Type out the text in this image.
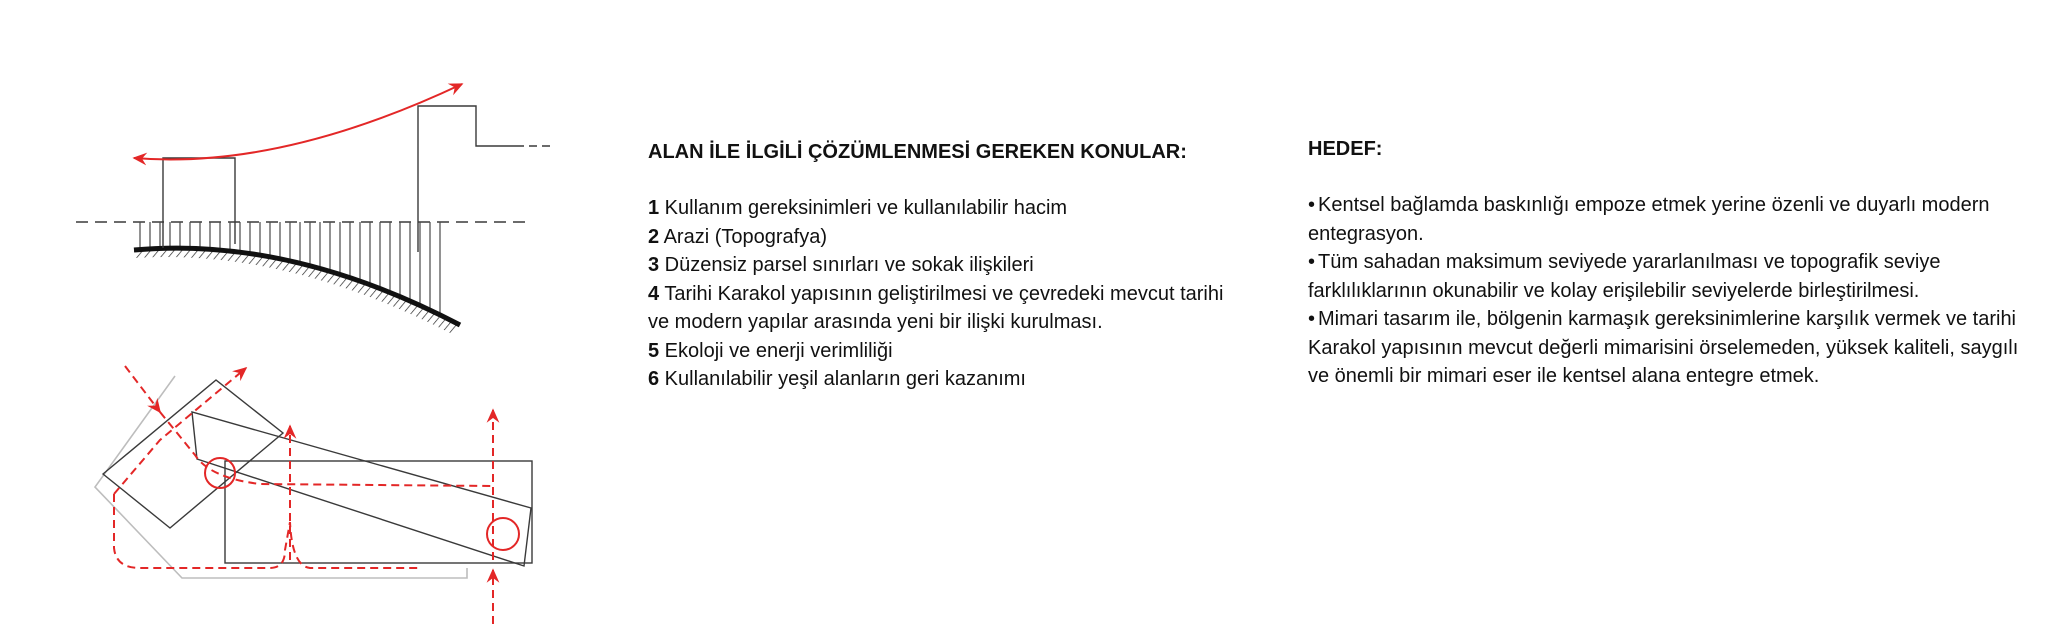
ALAN İLE İLGİLİ ÇÖZÜMLENMESİ GEREKEN KONULAR:
1 Kullanım gereksinimleri ve kullanılabilir hacim
2 Arazi (Topografya)
3 Düzensiz parsel sınırları ve sokak ilişkileri
4 Tarihi Karakol yapısının geliştirilmesi ve çevredeki mevcut tarihi ve modern yapılar arasında yeni bir ilişki kurulması.
5 Ekoloji ve enerji verimliliği
6 Kullanılabilir yeşil alanların geri kazanımı
HEDEF:
• Kentsel bağlamda baskınlığı empoze etmek yerine özenli ve duyarlı modern entegrasyon.
• Tüm sahadan maksimum seviyede yararlanılması ve topografik seviye farklılıklarının okunabilir ve kolay erişilebilir seviyelerde birleştirilmesi.
• Mimari tasarım ile, bölgenin karmaşık gereksinimlerine karşılık vermek ve tarihi Karakol yapısının mevcut değerli mimarisini örselemeden, yüksek kaliteli, saygılı ve önemli bir mimari eser ile kentsel alana entegre etmek.
